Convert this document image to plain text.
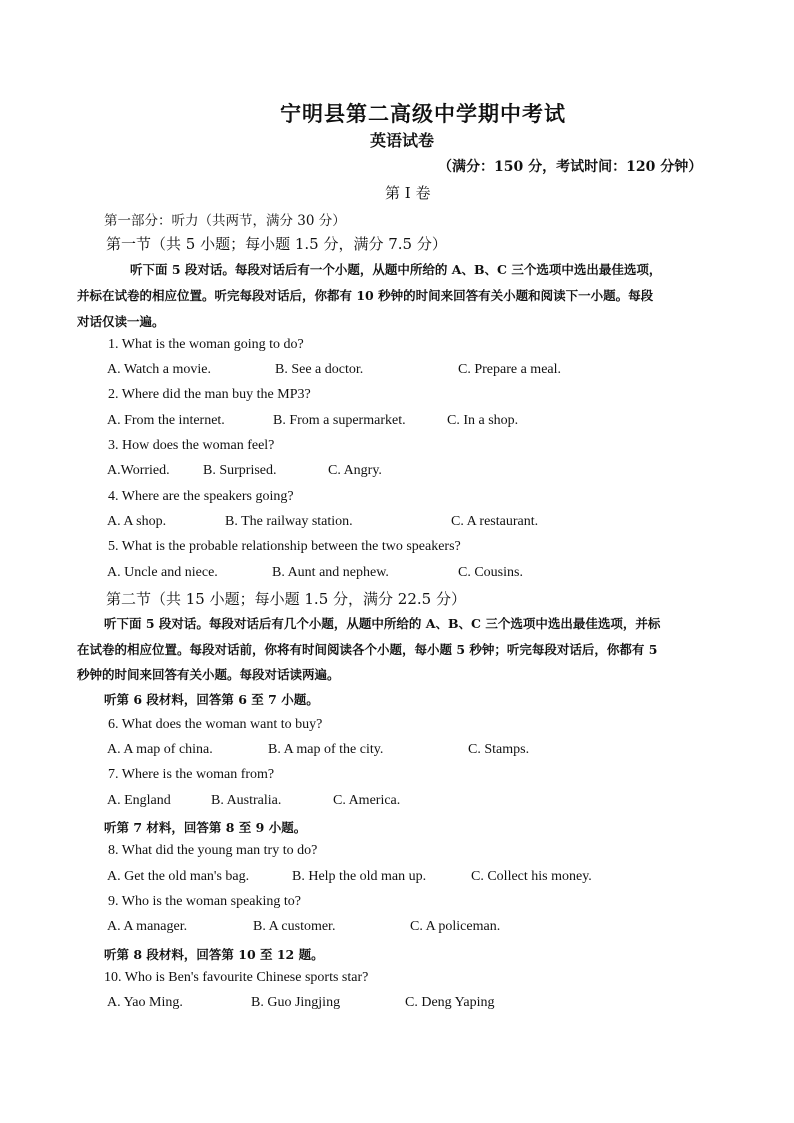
宁明县第二高级中学期中考试
英语试卷
（满分：150 分，考试时间：120 分钟）
第 I 卷
第一部分：听力（共两节，满分 30 分）
第一节（共 5 小题；每小题 1.5 分，满分 7.5 分）
听下面 5 段对话。每段对话后有一个小题，从题中所给的 A、B、C 三个选项中选出最佳选项，
并标在试卷的相应位置。听完每段对话后，你都有 10 秒钟的时间来回答有关小题和阅读下一小题。每段
对话仅读一遍。
1. What is the woman going to do?
A. Watch a movie.	B. See a doctor.	C. Prepare a meal.
2. Where did the man buy the MP3?
A. From the internet.	B. From a supermarket.	C. In a shop.
3. How does the woman feel?
A.Worried. B. Surprised.	C. Angry.
4. Where are the speakers going?
A. A shop.	B. The railway station.	C. A restaurant.
5. What is the probable relationship between the two speakers?
A. Uncle and niece.	B. Aunt and nephew.	C. Cousins.
第二节（共 15 小题；每小题 1.5 分，满分 22.5 分）
听下面 5 段对话。每段对话后有几个小题，从题中所给的 A、B、C 三个选项中选出最佳选项，并标
在试卷的相应位置。每段对话前，你将有时间阅读各个小题，每小题 5 秒钟；听完每段对话后，你都有 5
秒钟的时间来回答有关小题。每段对话读两遍。
听第 6 段材料，回答第 6 至 7 小题。
6. What does the woman want to buy?
A. A map of china.	B. A map of the city.	C. Stamps.
7. Where is the woman from?
A. England	B. Australia.	C. America.
听第 7 材料，回答第 8 至 9 小题。
8. What did the young man try to do?
A. Get the old man's bag.	B. Help the old man up.	C. Collect his money.
9. Who is the woman speaking to?
A. A manager.	B. A customer.	C. A policeman.
听第 8 段材料，回答第 10 至 12 题。
10. Who is Ben's favourite Chinese sports star?
A. Yao Ming.	B. Guo Jingjing	C. Deng Yaping
